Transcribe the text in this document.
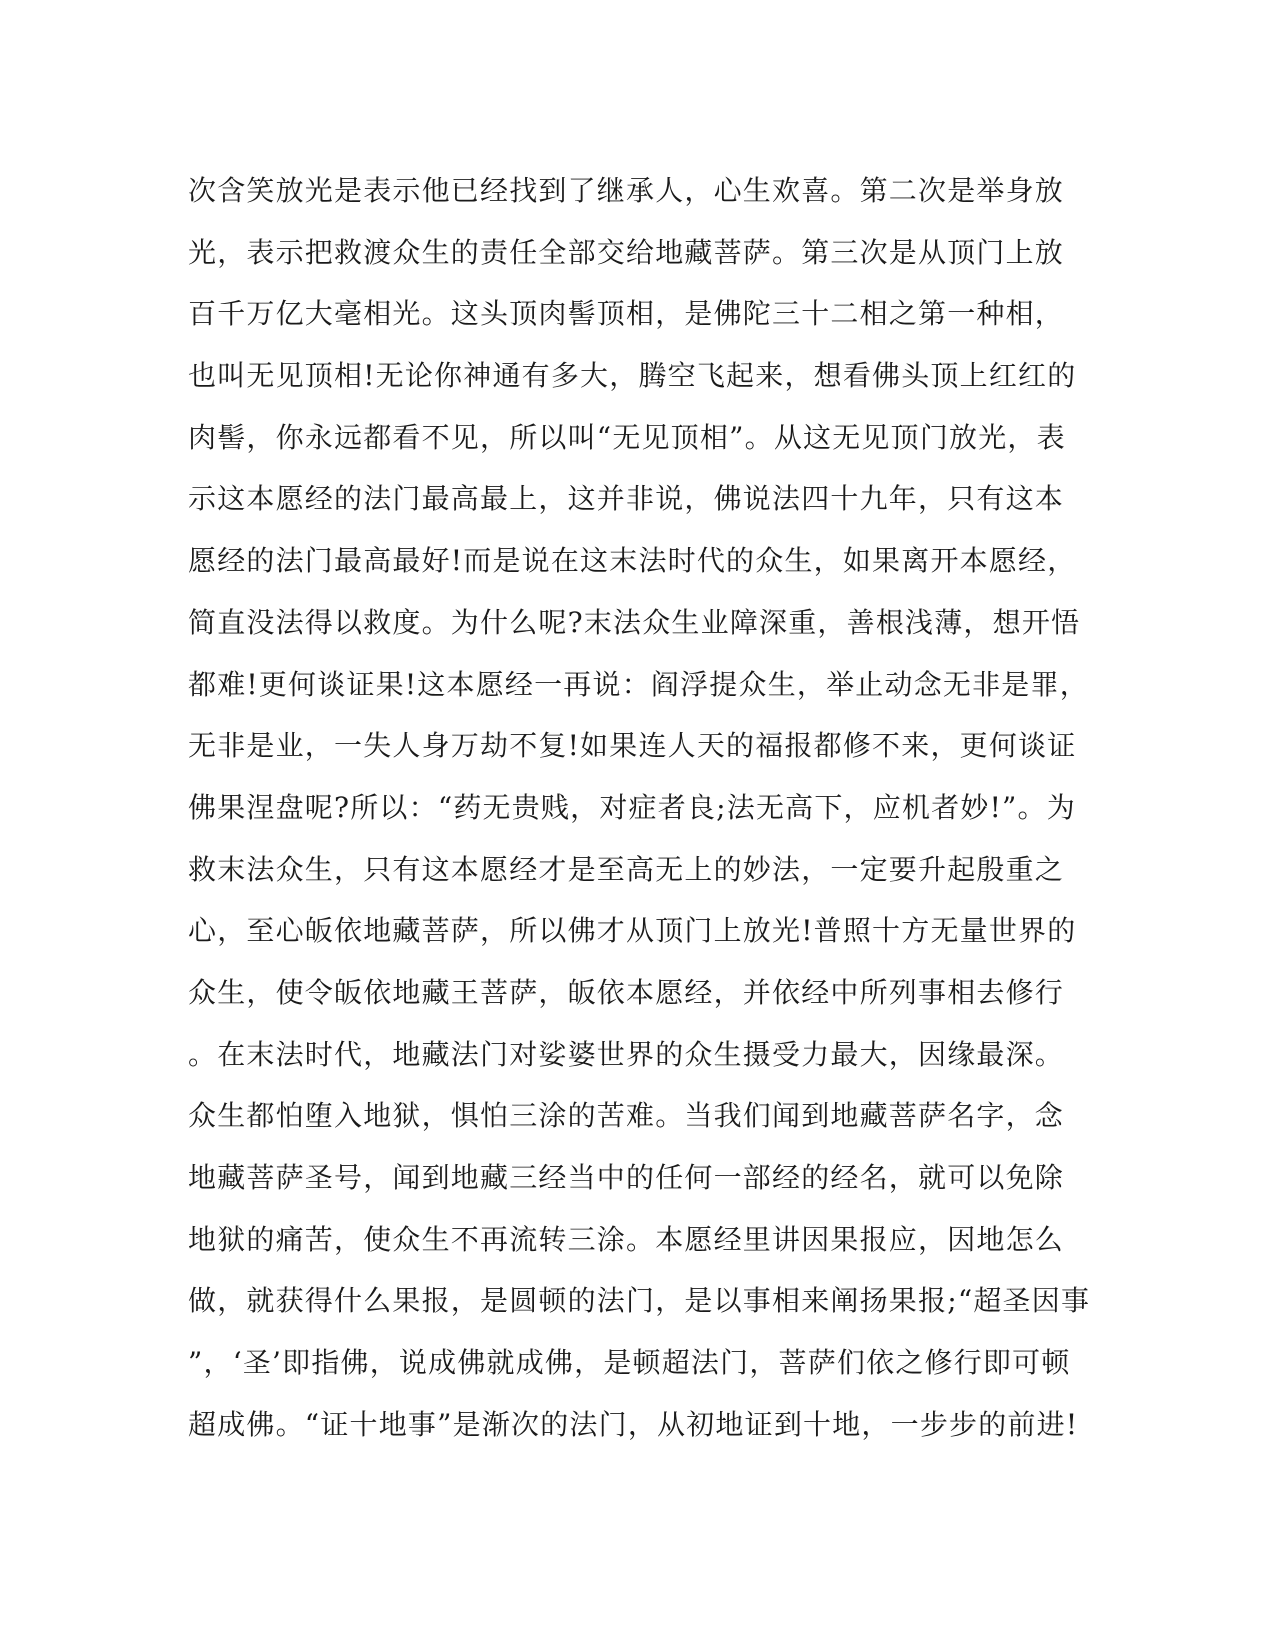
次含笑放光是表示他已经找到了继承人，心生欢喜。第二次是举身放
光，表示把救渡众生的责任全部交给地藏菩萨。第三次是从顶门上放
百千万亿大毫相光。这头顶肉髻顶相，是佛陀三十二相之第一种相，
也叫无见顶相!无论你神通有多大，腾空飞起来，想看佛头顶上红红的
肉髻，你永远都看不见，所以叫“无见顶相”。从这无见顶门放光，表
示这本愿经的法门最高最上，这并非说，佛说法四十九年，只有这本
愿经的法门最高最好!而是说在这末法时代的众生，如果离开本愿经，
简直没法得以救度。为什么呢?末法众生业障深重，善根浅薄，想开悟
都难!更何谈证果!这本愿经一再说：阎浮提众生，举止动念无非是罪，
无非是业，一失人身万劫不复!如果连人天的福报都修不来，更何谈证
佛果涅盘呢?所以：“药无贵贱，对症者良;法无高下，应机者妙!”。为
救末法众生，只有这本愿经才是至高无上的妙法，一定要升起殷重之
心，至心皈依地藏菩萨，所以佛才从顶门上放光!普照十方无量世界的
众生，使令皈依地藏王菩萨，皈依本愿经，并依经中所列事相去修行
。在末法时代，地藏法门对娑婆世界的众生摄受力最大，因缘最深。
众生都怕堕入地狱，惧怕三涂的苦难。当我们闻到地藏菩萨名字，念
地藏菩萨圣号，闻到地藏三经当中的任何一部经的经名，就可以免除
地狱的痛苦，使众生不再流转三涂。本愿经里讲因果报应，因地怎么
做，就获得什么果报，是圆顿的法门，是以事相来阐扬果报;“超圣因事
”，‘圣’即指佛，说成佛就成佛，是顿超法门，菩萨们依之修行即可顿
超成佛。“证十地事”是渐次的法门，从初地证到十地，一步步的前进!
